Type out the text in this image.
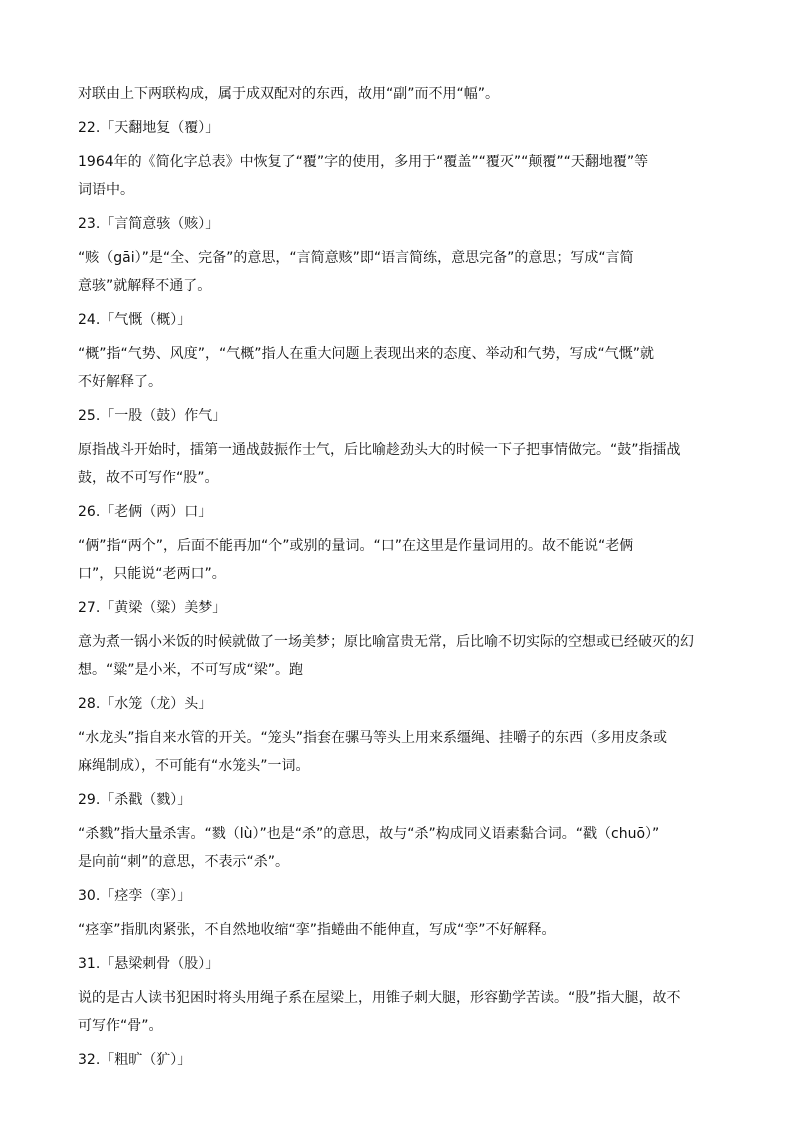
对联由上下两联构成，属于成双配对的东西，故用“副”而不用“幅”。
22.「天翻地复（覆）」
1964年的《简化字总表》中恢复了“覆”字的使用，多用于“覆盖”“覆灭”“颠覆”“天翻地覆”等
词语中。
23.「言简意骇（赅）」
“赅（gāi）”是“全、完备”的意思，“言简意赅”即“语言简练，意思完备”的意思；写成“言简
意骇”就解释不通了。
24.「气慨（概）」
“概”指“气势、风度”，“气概”指人在重大问题上表现出来的态度、举动和气势，写成“气慨”就
不好解释了。
25.「一股（鼓）作气」
原指战斗开始时，擂第一通战鼓振作士气，后比喻趁劲头大的时候一下子把事情做完。“鼓”指擂战
鼓，故不可写作“股”。
26.「老俩（两）口」
“俩”指“两个”，后面不能再加“个”或别的量词。“口”在这里是作量词用的。故不能说“老俩
口”，只能说“老两口”。
27.「黄梁（粱）美梦」
意为煮一锅小米饭的时候就做了一场美梦；原比喻富贵无常，后比喻不切实际的空想或已经破灭的幻
想。“粱”是小米，不可写成“梁”。跑
28.「水笼（龙）头」
“水龙头”指自来水管的开关。“笼头”指套在骡马等头上用来系缰绳、挂嚼子的东西（多用皮条或
麻绳制成），不可能有“水笼头”一词。
29.「杀戳（戮）」
“杀戮”指大量杀害。“戮（lù）”也是“杀”的意思，故与“杀”构成同义语素黏合词。“戳（chuō）”
是向前“刺”的意思，不表示“杀”。
30.「痉孪（挛）」
“痉挛”指肌肉紧张，不自然地收缩“挛”指蜷曲不能伸直，写成“孪”不好解释。
31.「悬梁刺骨（股）」
说的是古人读书犯困时将头用绳子系在屋梁上，用锥子刺大腿，形容勤学苦读。“股”指大腿，故不
可写作“骨”。
32.「粗旷（犷）」
